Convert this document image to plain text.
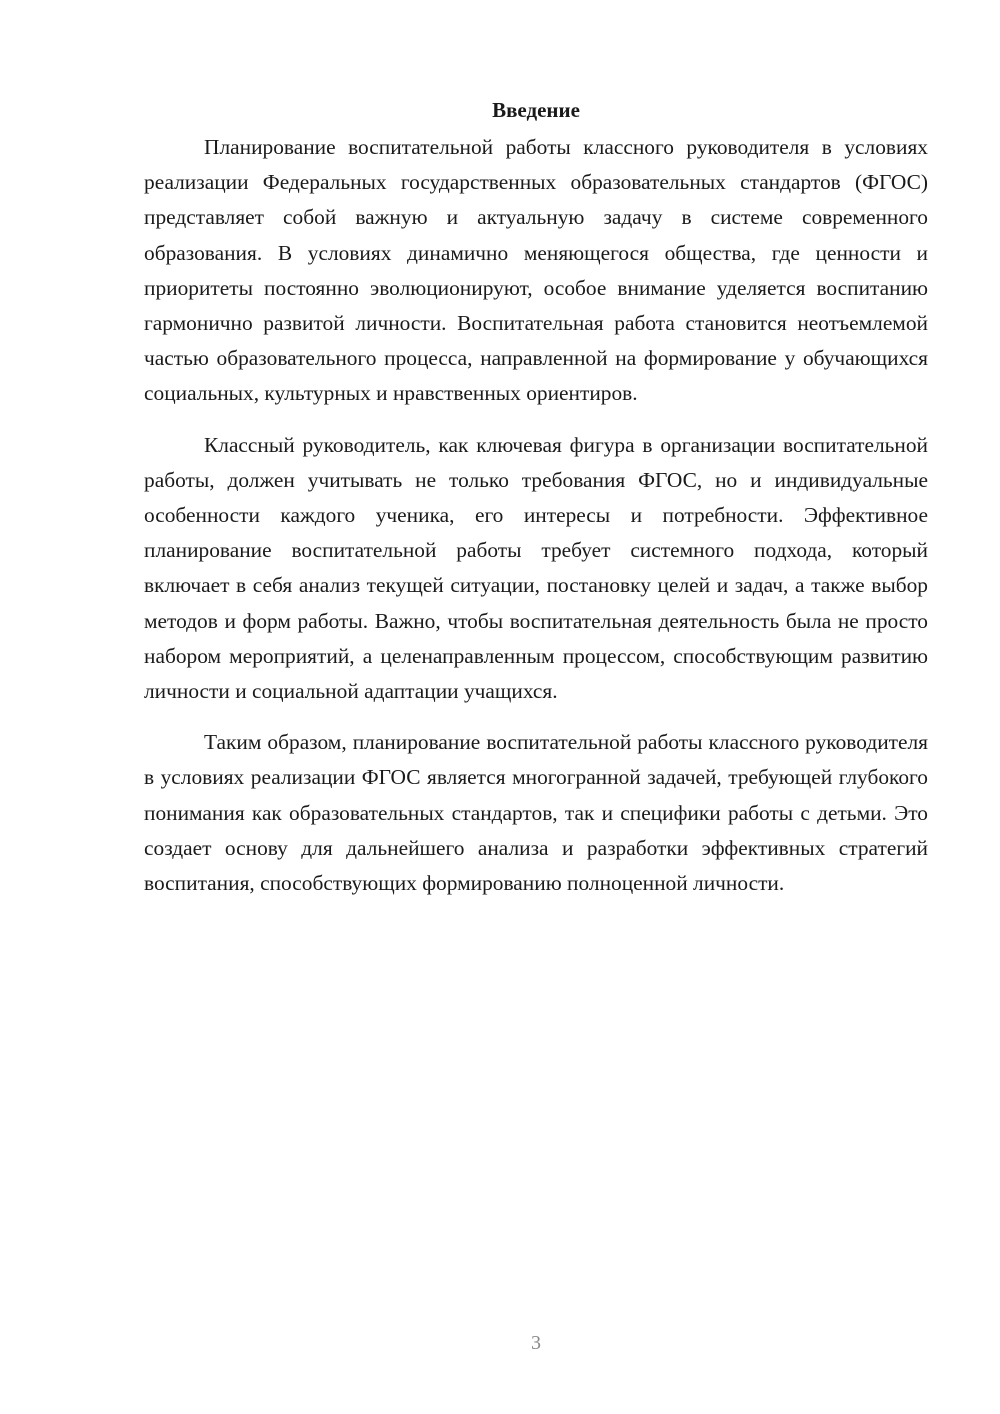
Введение

Планирование воспитательной работы классного руководителя в условиях реализации Федеральных государственных образовательных стандартов (ФГОС) представляет собой важную и актуальную задачу в системе современного образования. В условиях динамично меняющегося общества, где ценности и приоритеты постоянно эволюционируют, особое внимание уделяется воспитанию гармонично развитой личности. Воспитательная работа становится неотъемлемой частью образовательного процесса, направленной на формирование у обучающихся социальных, культурных и нравственных ориентиров.

Классный руководитель, как ключевая фигура в организации воспитательной работы, должен учитывать не только требования ФГОС, но и индивидуальные особенности каждого ученика, его интересы и потребности. Эффективное планирование воспитательной работы требует системного подхода, который включает в себя анализ текущей ситуации, постановку целей и задач, а также выбор методов и форм работы. Важно, чтобы воспитательная деятельность была не просто набором мероприятий, а целенаправленным процессом, способствующим развитию личности и социальной адаптации учащихся.

Таким образом, планирование воспитательной работы классного руководителя в условиях реализации ФГОС является многогранной задачей, требующей глубокого понимания как образовательных стандартов, так и специфики работы с детьми. Это создает основу для дальнейшего анализа и разработки эффективных стратегий воспитания, способствующих формированию полноценной личности.

3
